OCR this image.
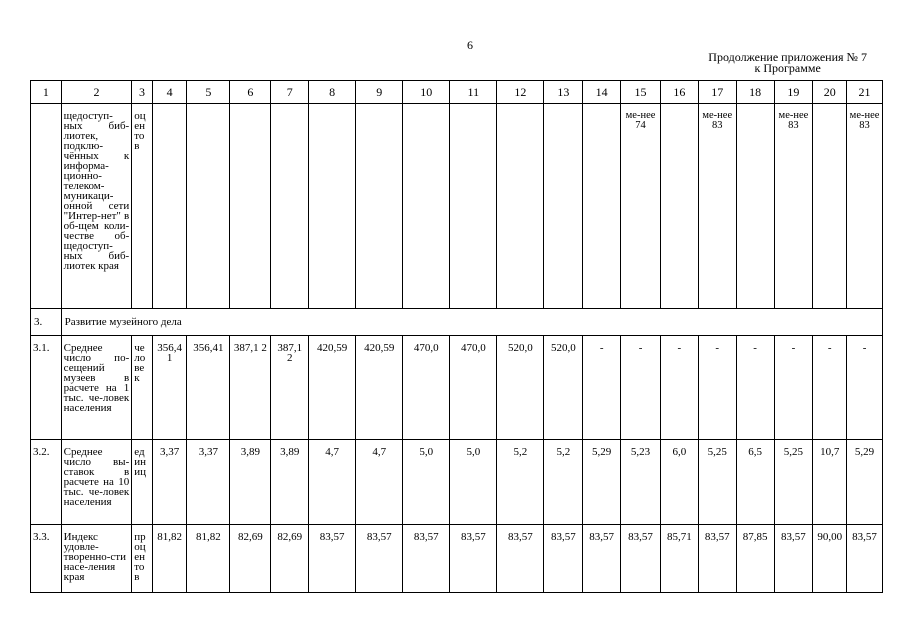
6
Продолжение приложения № 7
к Программе
1	2	3	4	5	6	7	8	9	10	11	12	13	14	15	16	17	18	19	20	21
	щедоступ-ных биб-лиотек, подклю-чённых к информа-ционно-телеком-муникаци-онной сети "Интер-нет" в об-щем коли-честве об-щедоступ-ных биб-лиотек края	оц ен то в												ме-нее 74		ме-нее 83		ме-нее 83		ме-нее 83
3.	Развитие музейного дела																			
3.1.	Среднее число по-сещений музеев в расчете на 1 тыс. че-ловек населения	че ло ве к	356,4 1	356,41	387,1 2	387,1 2	420,59	420,59	470,0	470,0	520,0	520,0	-	-	-	-	-	-	-	-
3.2.	Среднее число вы-ставок в расчете на 10 тыс. че-ловек населения	ед ин иц	3,37	3,37	3,89	3,89	4,7	4,7	5,0	5,0	5,2	5,2	5,29	5,23	6,0	5,25	6,5	5,25	10,7	5,29
3.3.	Индекс удовле-творенно-сти насе-ления края	пр оц ен то в	81,82	81,82	82,69	82,69	83,57	83,57	83,57	83,57	83,57	83,57	83,57	83,57	85,71	83,57	87,85	83,57	90,00	83,57
